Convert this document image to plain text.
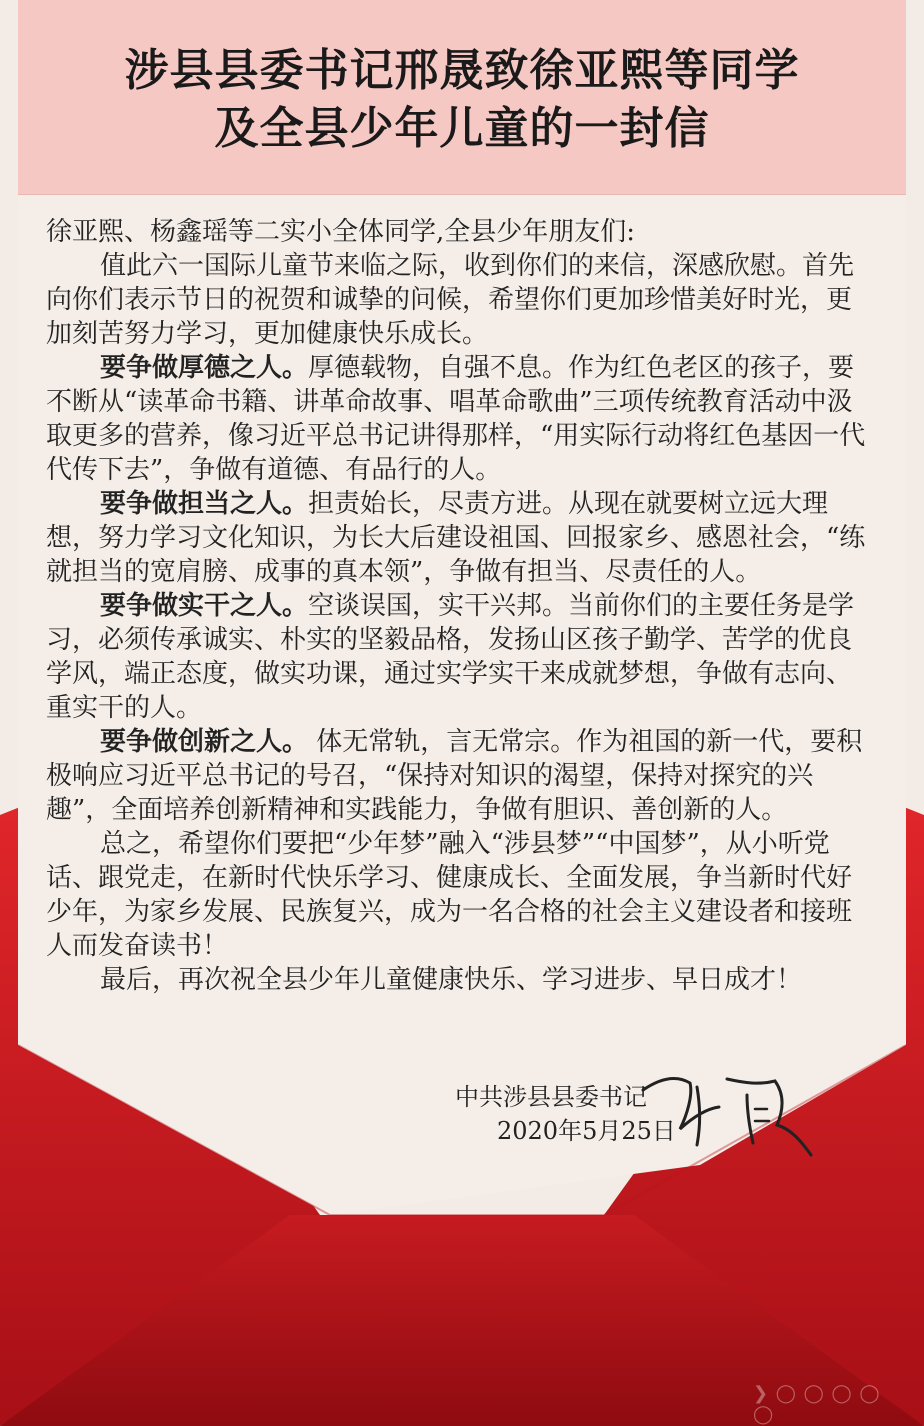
涉县县委书记邢晟致徐亚熙等同学
及全县少年儿童的一封信

徐亚熙、杨鑫瑶等二实小全体同学,全县少年朋友们:

值此六一国际儿童节来临之际，收到你们的来信，深感欣慰。首先向你们表示节日的祝贺和诚挚的问候，希望你们更加珍惜美好时光，更加刻苦努力学习，更加健康快乐成长。

要争做厚德之人。厚德载物，自强不息。作为红色老区的孩子，要不断从“读革命书籍、讲革命故事、唱革命歌曲”三项传统教育活动中汲取更多的营养，像习近平总书记讲得那样，“用实际行动将红色基因一代代传下去”，争做有道德、有品行的人。

要争做担当之人。担责始长，尽责方进。从现在就要树立远大理想，努力学习文化知识，为长大后建设祖国、回报家乡、感恩社会，“练就担当的宽肩膀、成事的真本领”，争做有担当、尽责任的人。

要争做实干之人。空谈误国，实干兴邦。当前你们的主要任务是学习，必须传承诚实、朴实的坚毅品格，发扬山区孩子勤学、苦学的优良学风，端正态度，做实功课，通过实学实干来成就梦想，争做有志向、重实干的人。

要争做创新之人。 体无常轨，言无常宗。作为祖国的新一代，要积极响应习近平总书记的号召，“保持对知识的渴望，保持对探究的兴趣”，全面培养创新精神和实践能力，争做有胆识、善创新的人。

总之，希望你们要把“少年梦”融入“涉县梦”“中国梦”，从小听党话、跟党走，在新时代快乐学习、健康成长、全面发展，争当新时代好少年，为家乡发展、民族复兴，成为一名合格的社会主义建设者和接班人而发奋读书！

最后，再次祝全县少年儿童健康快乐、学习进步、早日成才！

中共涉县县委书记
2020年5月25日
❯ ◯ ◯ ◯ ◯ ◯
